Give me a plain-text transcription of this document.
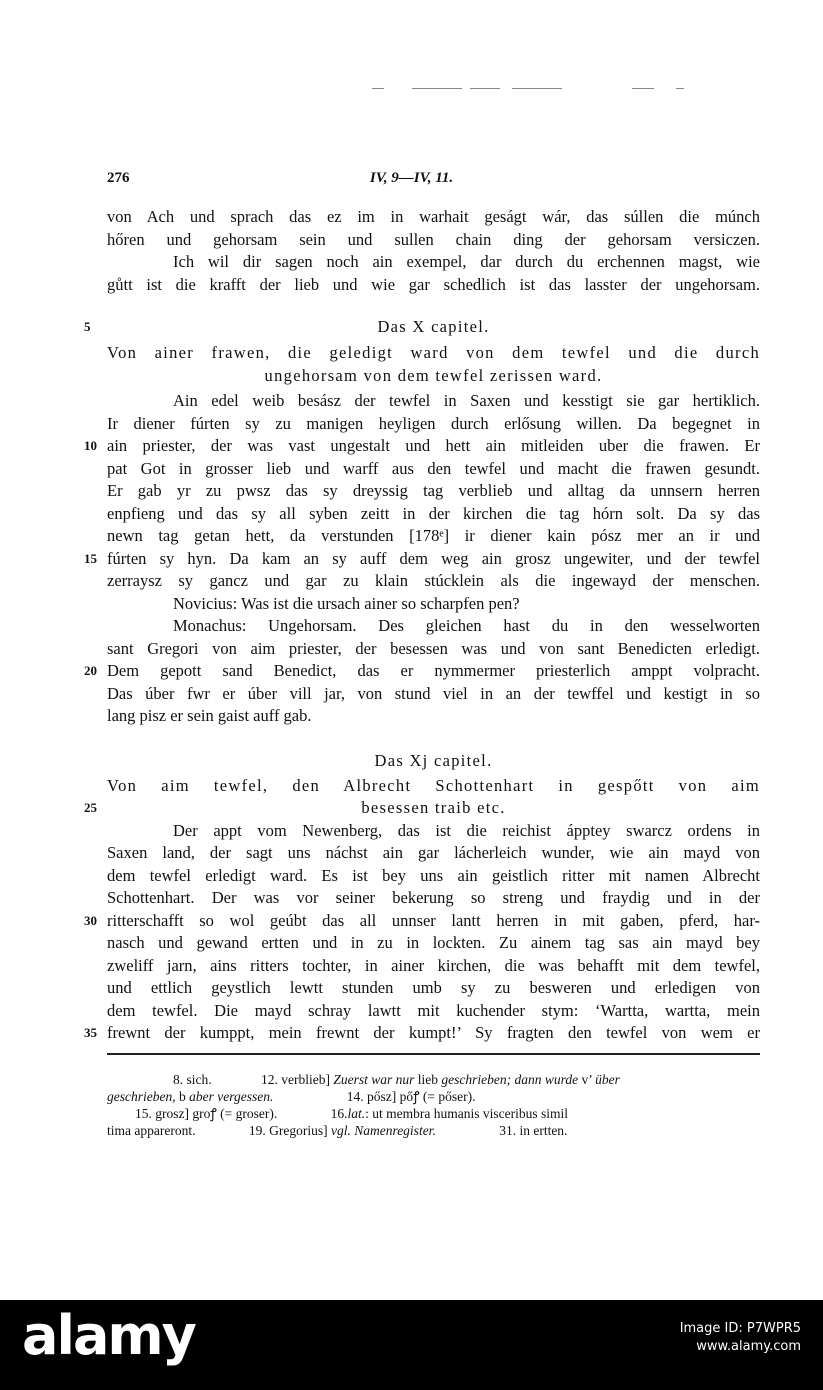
276	IV, 9—IV, 11.
von Ach und sprach das ez im in warhait geságt wár, das súllen die múnch
hőren und gehorsam sein und sullen chain ding der gehorsam versiczen.
Ich wil dir sagen noch ain exempel, dar durch du erchennen magst, wie
gůtt ist die krafft der lieb und wie gar schedlich ist das lasster der ungehorsam.
Das X capitel.
5
Von ainer frawen, die geledigt ward von dem tewfel und die durch
ungehorsam von dem tewfel zerissen ward.
Ain edel weib besász der tewfel in Saxen und kesstigt sie gar hertiklich.
Ir diener fúrten sy zu manigen heyligen durch erlősung willen. Da begegnet in
ain priester, der was vast ungestalt und hett ain mitleiden uber die frawen. Er
10
pat Got in grosser lieb und warff aus den tewfel und macht die frawen gesundt.
Er gab yr zu pwsz das sy dreyssig tag verblieb und alltag da unnsern herren
enpfieng und das sy all syben zeitt in der kirchen die tag hórn solt. Da sy das
newn tag getan hett, da verstunden [178ᵉ] ir diener kain pósz mer an ir und
fúrten sy hyn. Da kam an sy auff dem weg ain grosz ungewiter, und der tewfel
15
zerraysz sy gancz und gar zu klain stúcklein als die ingewayd der menschen.
Novicius: Was ist die ursach ainer so scharpfen pen?
Monachus: Ungehorsam. Des gleichen hast du in den wesselworten
sant Gregori von aim priester, der besessen was und von sant Benedicten erledigt.
Dem gepott sand Benedict, das er nymmermer priesterlich amppt volpracht.
20
Das úber fwr er úber vill jar, von stund viel in an der tewffel und kestigt in so
lang pisz er sein gaist auff gab.
Das Xj capitel.
Von aim tewfel, den Albrecht Schottenhart in gespőtt von aim
besessen traib etc.
25
Der appt vom Newenberg, das ist die reichist ápptey swarcz ordens in
Saxen land, der sagt uns náchst ain gar lácherleich wunder, wie ain mayd von
dem tewfel erledigt ward. Es ist bey uns ain geistlich ritter mit namen Albrecht
Schottenhart. Der was vor seiner bekerung so streng und fraydig und in der
ritterschafft so wol geúbt das all unnser lantt herren in mit gaben, pferd, har-
30
nasch und gewand ertten und in zu in lockten. Zu ainem tag sas ain mayd bey
zweliff jarn, ains ritters tochter, in ainer kirchen, die was behafft mit dem tewfel,
und ettlich geystlich lewtt stunden umb sy zu besweren und erledigen von
dem tewfel. Die mayd schray lawtt mit kuchender stym: ‘Wartta, wartta, mein
frewnt der kumppt, mein frewnt der kumpt!’ Sy fragten den tewfel von wem er
35
8. sich.	12. verblieb] Zuerst war nur lieb geschrieben; dann wurde v’ über
geschrieben, b aber vergessen.	14. pősz] pőꝭ (= pőser).
15. grosz] groꝭ (= groser).	16.lat.: ut membra humanis visceribus simil
tima appareront.	19. Gregorius] vgl. Namenregister.	31. in ertten.
alamy	Image ID: P7WPR5
www.alamy.com
